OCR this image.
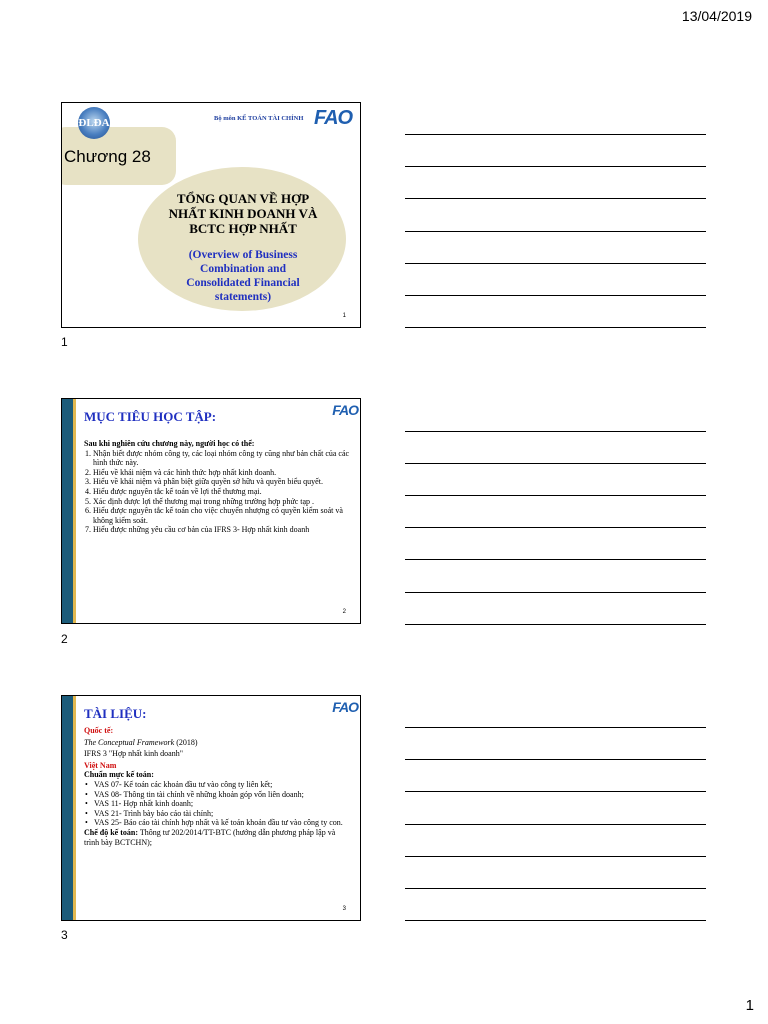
13/04/2019
ĐLĐA	Bộ môn KẾ TOÁN TÀI CHÍNH FAO
Chương 28
TỔNG QUAN VỀ HỢP
NHẤT KINH DOANH VÀ
BCTC HỢP NHẤT
(Overview of Business
Combination and
Consolidated Financial
statements)
1
1
FAO
MỤC TIÊU HỌC TẬP:
Sau khi nghiên cứu chương này, người học có thể:
1. Nhận biết được nhóm công ty, các loại nhóm công ty cũng như bản chất của các hình thức này.
2. Hiểu về khái niệm và các hình thức hợp nhất kinh doanh.
3. Hiểu về khái niệm và phân biệt giữa quyền sở hữu và quyền biểu quyết.
4. Hiểu được nguyên tắc kế toán về lợi thế thương mại.
5. Xác định được lợi thế thương mại trong những trường hợp phức tạp .
6. Hiểu được nguyên tắc kế toán cho việc chuyển nhượng có quyền kiểm soát và không kiểm soát.
7. Hiểu được những yêu cầu cơ bản của IFRS 3- Hợp nhất kinh doanh
2
2
FAO
TÀI LIỆU:
Quốc tế:
The Conceptual Framework (2018)
IFRS 3 "Hợp nhất kinh doanh"
Việt Nam
Chuẩn mực kế toán:
• VAS 07- Kế toán các khoản đầu tư vào công ty liên kết;
• VAS 08- Thông tin tài chính về những khoản góp vốn liên doanh;
• VAS 11- Hợp nhất kinh doanh;
• VAS 21- Trình bày báo cáo tài chính;
• VAS 25- Báo cáo tài chính hợp nhất và kế toán khoản đầu tư vào công ty con.
Chế độ kế toán: Thông tư 202/2014/TT-BTC (hướng dẫn phương pháp lập và trình bày BCTCHN);
3
3
1
